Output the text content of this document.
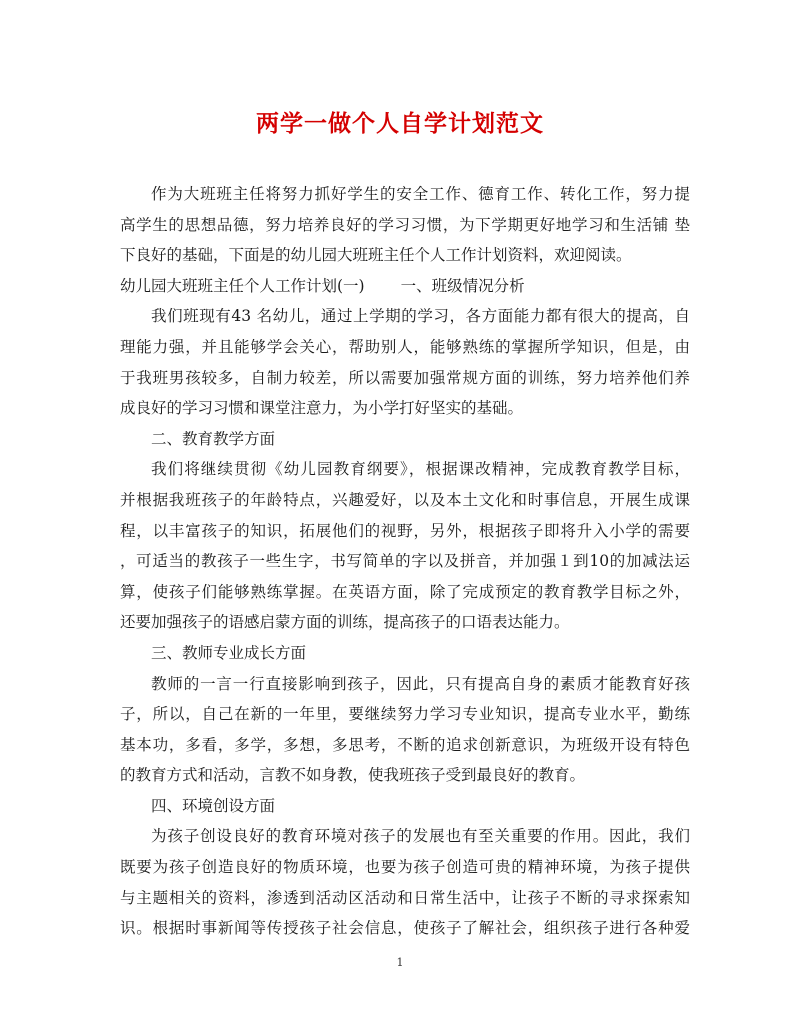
两学一做个人自学计划范文
作为大班班主任将努力抓好学生的安全工作、德育工作、转化工作，努力提
高学生的思想品德，努力培养良好的学习习惯，为下学期更好地学习和生活铺 垫
下良好的基础，下面是的幼儿园大班班主任个人工作计划资料，欢迎阅读。
幼儿园大班班主任个人工作计划(一) 一、班级情况分析
我们班现有43 名幼儿，通过上学期的学习，各方面能力都有很大的提高，自
理能力强，并且能够学会关心，帮助别人，能够熟练的掌握所学知识，但是，由
于我班男孩较多，自制力较差，所以需要加强常规方面的训练，努力培养他们养
成良好的学习习惯和课堂注意力，为小学打好坚实的基础。
二、教育教学方面
我们将继续贯彻《幼儿园教育纲要》，根据课改精神，完成教育教学目标，
并根据我班孩子的年龄特点，兴趣爱好，以及本土文化和时事信息，开展生成课
程，以丰富孩子的知识，拓展他们的视野，另外，根据孩子即将升入小学的需要
，可适当的教孩子一些生字，书写简单的字以及拼音，并加强１到10的加减法运
算，使孩子们能够熟练掌握。在英语方面，除了完成预定的教育教学目标之外，
还要加强孩子的语感启蒙方面的训练，提高孩子的口语表达能力。
三、教师专业成长方面
教师的一言一行直接影响到孩子，因此，只有提高自身的素质才能教育好孩
子，所以，自己在新的一年里，要继续努力学习专业知识，提高专业水平，勤练
基本功，多看，多学，多想，多思考，不断的追求创新意识，为班级开设有特色
的教育方式和活动，言教不如身教，使我班孩子受到最良好的教育。
四、环境创设方面
为孩子创设良好的教育环境对孩子的发展也有至关重要的作用。因此，我们
既要为孩子创造良好的物质环境，也要为孩子创造可贵的精神环境，为孩子提供
与主题相关的资料，渗透到活动区活动和日常生活中，让孩子不断的寻求探索知
识。根据时事新闻等传授孩子社会信息，使孩子了解社会，组织孩子进行各种爱
1
